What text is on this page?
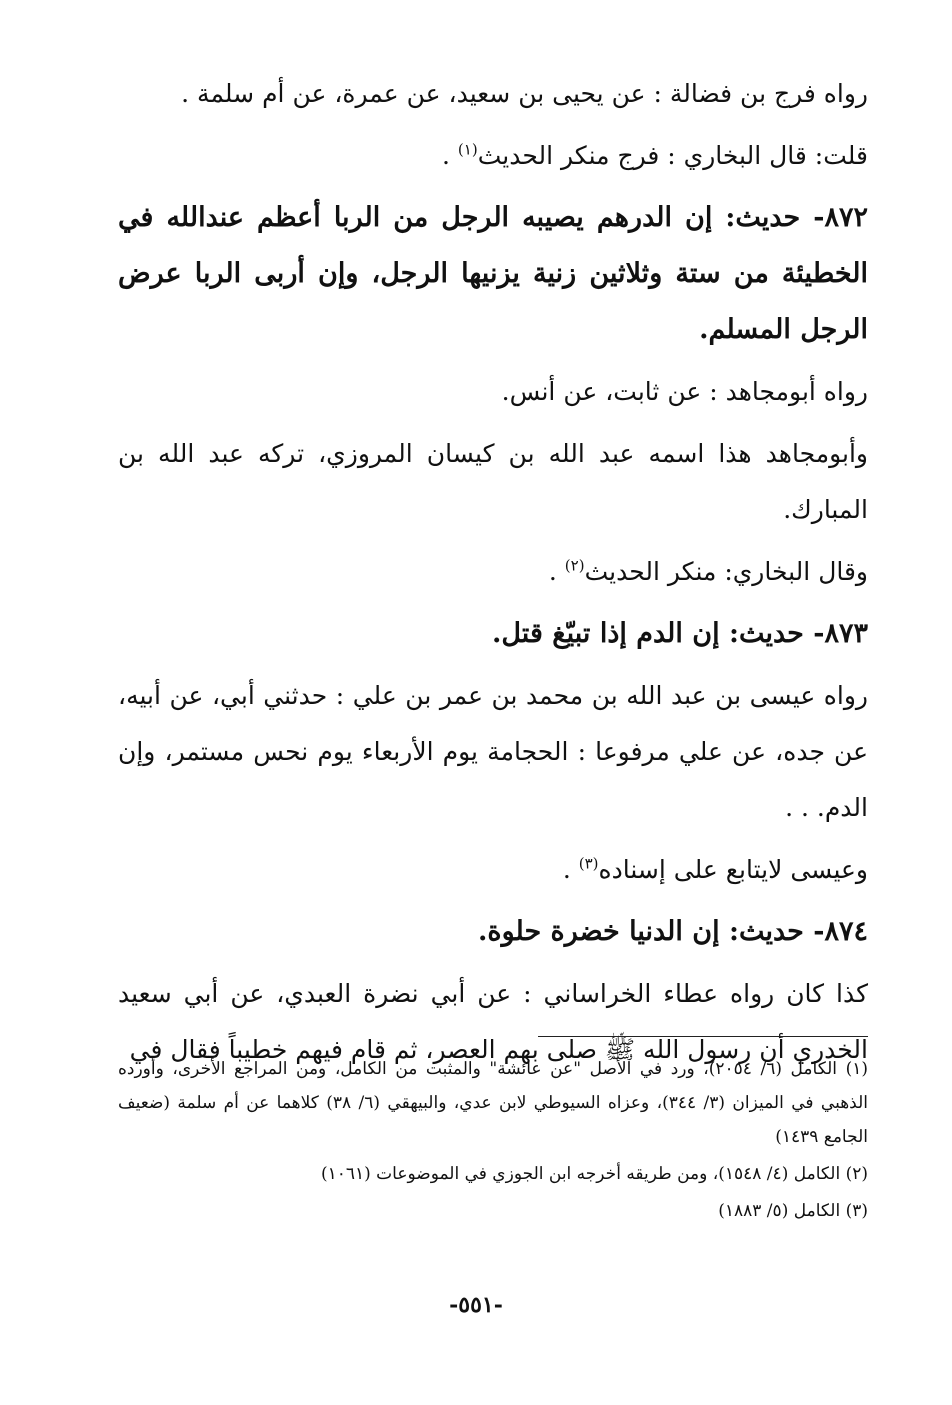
رواه فرج بن فضالة : عن يحيى بن سعيد، عن عمرة، عن أم سلمة .

قلت: قال البخاري : فرج منكر الحديث$^{(١)}$ .

٨٧٢- حديث: إن الدرهم يصيبه الرجل من الربا أعظم عندالله في الخطيئة من ستة وثلاثين زنية يزنيها الرجل، وإن أربى الربا عرض الرجل المسلم.

رواه أبومجاهد : عن ثابت، عن أنس.

وأبومجاهد هذا اسمه عبد الله بن كيسان المروزي، تركه عبد الله بن المبارك.

وقال البخاري: منكر الحديث$^{(٢)}$ .

٨٧٣- حديث: إن الدم إذا تبيّغ قتل.

رواه عيسى بن عبد الله بن محمد بن عمر بن علي : حدثني أبي، عن أبيه، عن جده، عن علي مرفوعا : الحجامة يوم الأربعاء يوم نحس مستمر، وإن الدم. . .

وعيسى لايتابع على إسناده$^{(٣)}$ .

٨٧٤- حديث: إن الدنيا خضرة حلوة.

كذا كان رواه عطاء الخراساني : عن أبي نضرة العبدي، عن أبي سعيد الخدري أن رسول الله ﷺ صلى بهم العصر، ثم قام فيهم خطيباً فقال في

(١) الكامل (٦/ ٢٠٥٤)، ورد في الأصل "عن عائشة" والمثبت من الكامل، ومن المراجع الأخرى، وأورده الذهبي في الميزان (٣/ ٣٤٤)، وعزاه السيوطي لابن عدي، والبيهقي (٦/ ٣٨) كلاهما عن أم سلمة (ضعيف الجامع ١٤٣٩)

(٢) الكامل (٤/ ١٥٤٨)، ومن طريقه أخرجه ابن الجوزي في الموضوعات (١٠٦١)

(٣) الكامل (٥/ ١٨٨٣)

-٥٥١-
